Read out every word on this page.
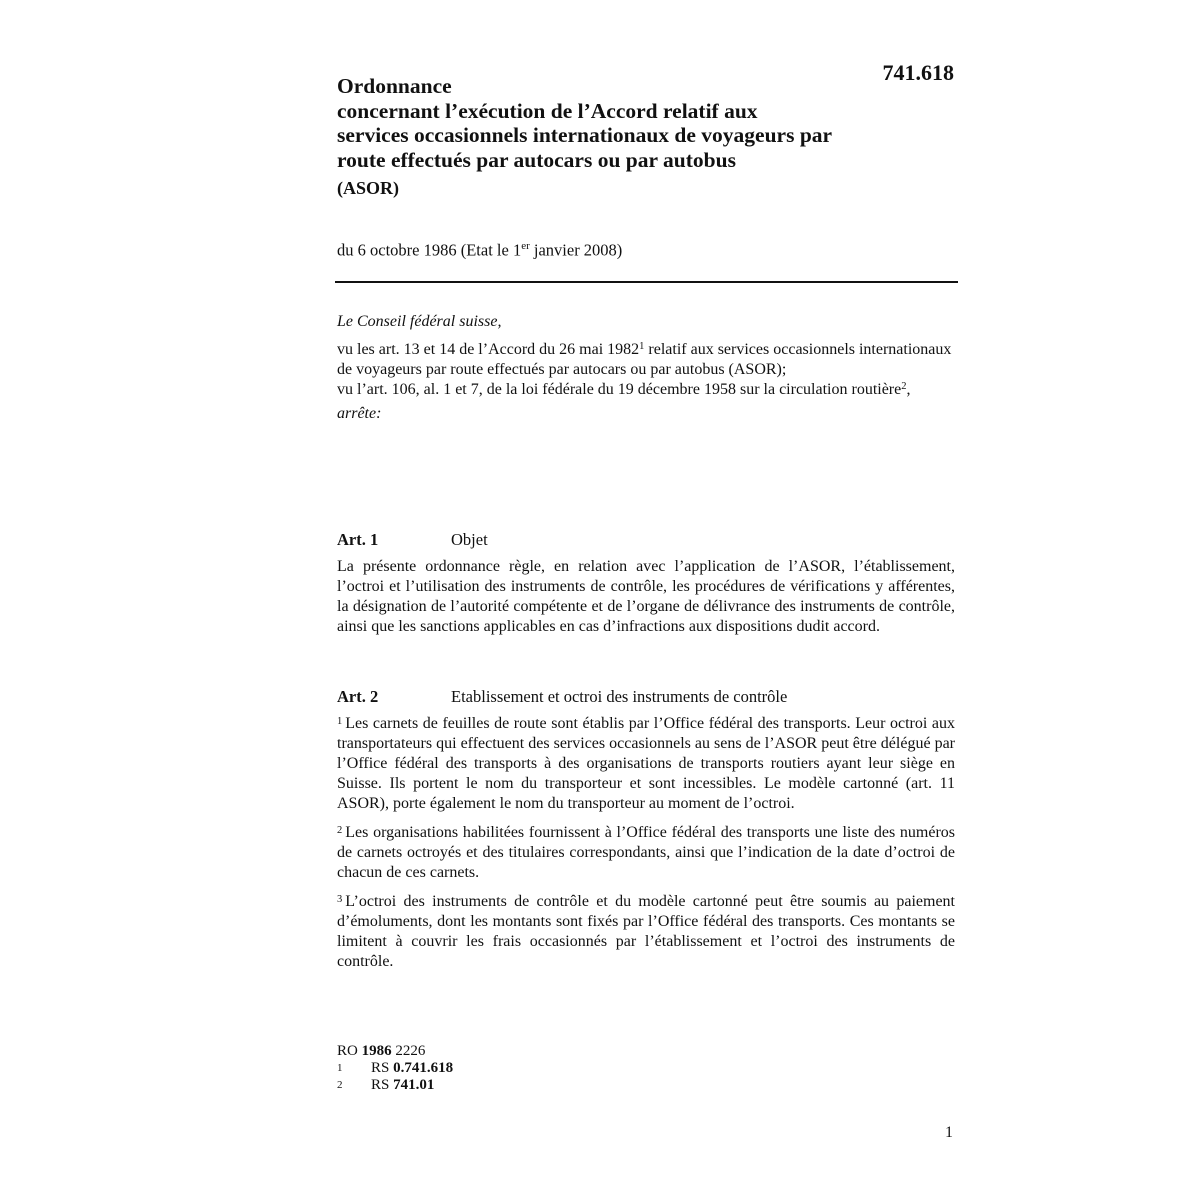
741.618

Ordonnance
concernant l’exécution de l’Accord relatif aux
services occasionnels internationaux de voyageurs par
route effectués par autocars ou par autobus
(ASOR)
du 6 octobre 1986 (Etat le 1er janvier 2008)

Le Conseil fédéral suisse,

vu les art. 13 et 14 de l’Accord du 26 mai 1982$^1$ relatif aux services occasionnels internationaux de voyageurs par route effectués par autocars ou par autobus (ASOR);

vu l’art. 106, al. 1 et 7, de la loi fédérale du 19 décembre 1958 sur la circulation routière$^2$,

arrête:

Art. 1	Objet

La présente ordonnance règle, en relation avec l’application de l’ASOR, l’établissement, l’octroi et l’utilisation des instruments de contrôle, les procédures de vérifications y afférentes, la désignation de l’autorité compétente et de l’organe de délivrance des instruments de contrôle, ainsi que les sanctions applicables en cas d’infractions aux dispositions dudit accord.

Art. 2	Etablissement et octroi des instruments de contrôle

$^1$ Les carnets de feuilles de route sont établis par l’Office fédéral des transports. Leur octroi aux transportateurs qui effectuent des services occasionnels au sens de l’ASOR peut être délégué par l’Office fédéral des transports à des organisations de transports routiers ayant leur siège en Suisse. Ils portent le nom du transporteur et sont incessibles. Le modèle cartonné (art. 11 ASOR), porte également le nom du transporteur au moment de l’octroi.

$^2$ Les organisations habilitées fournissent à l’Office fédéral des transports une liste des numéros de carnets octroyés et des titulaires correspondants, ainsi que l’indication de la date d’octroi de chacun de ces carnets.

$^3$ L’octroi des instruments de contrôle et du modèle cartonné peut être soumis au paiement d’émoluments, dont les montants sont fixés par l’Office fédéral des transports. Ces montants se limitent à couvrir les frais occasionnés par l’établissement et l’octroi des instruments de contrôle.

RO 1986 2226

1	RS 0.741.618
2	RS 741.01
1
